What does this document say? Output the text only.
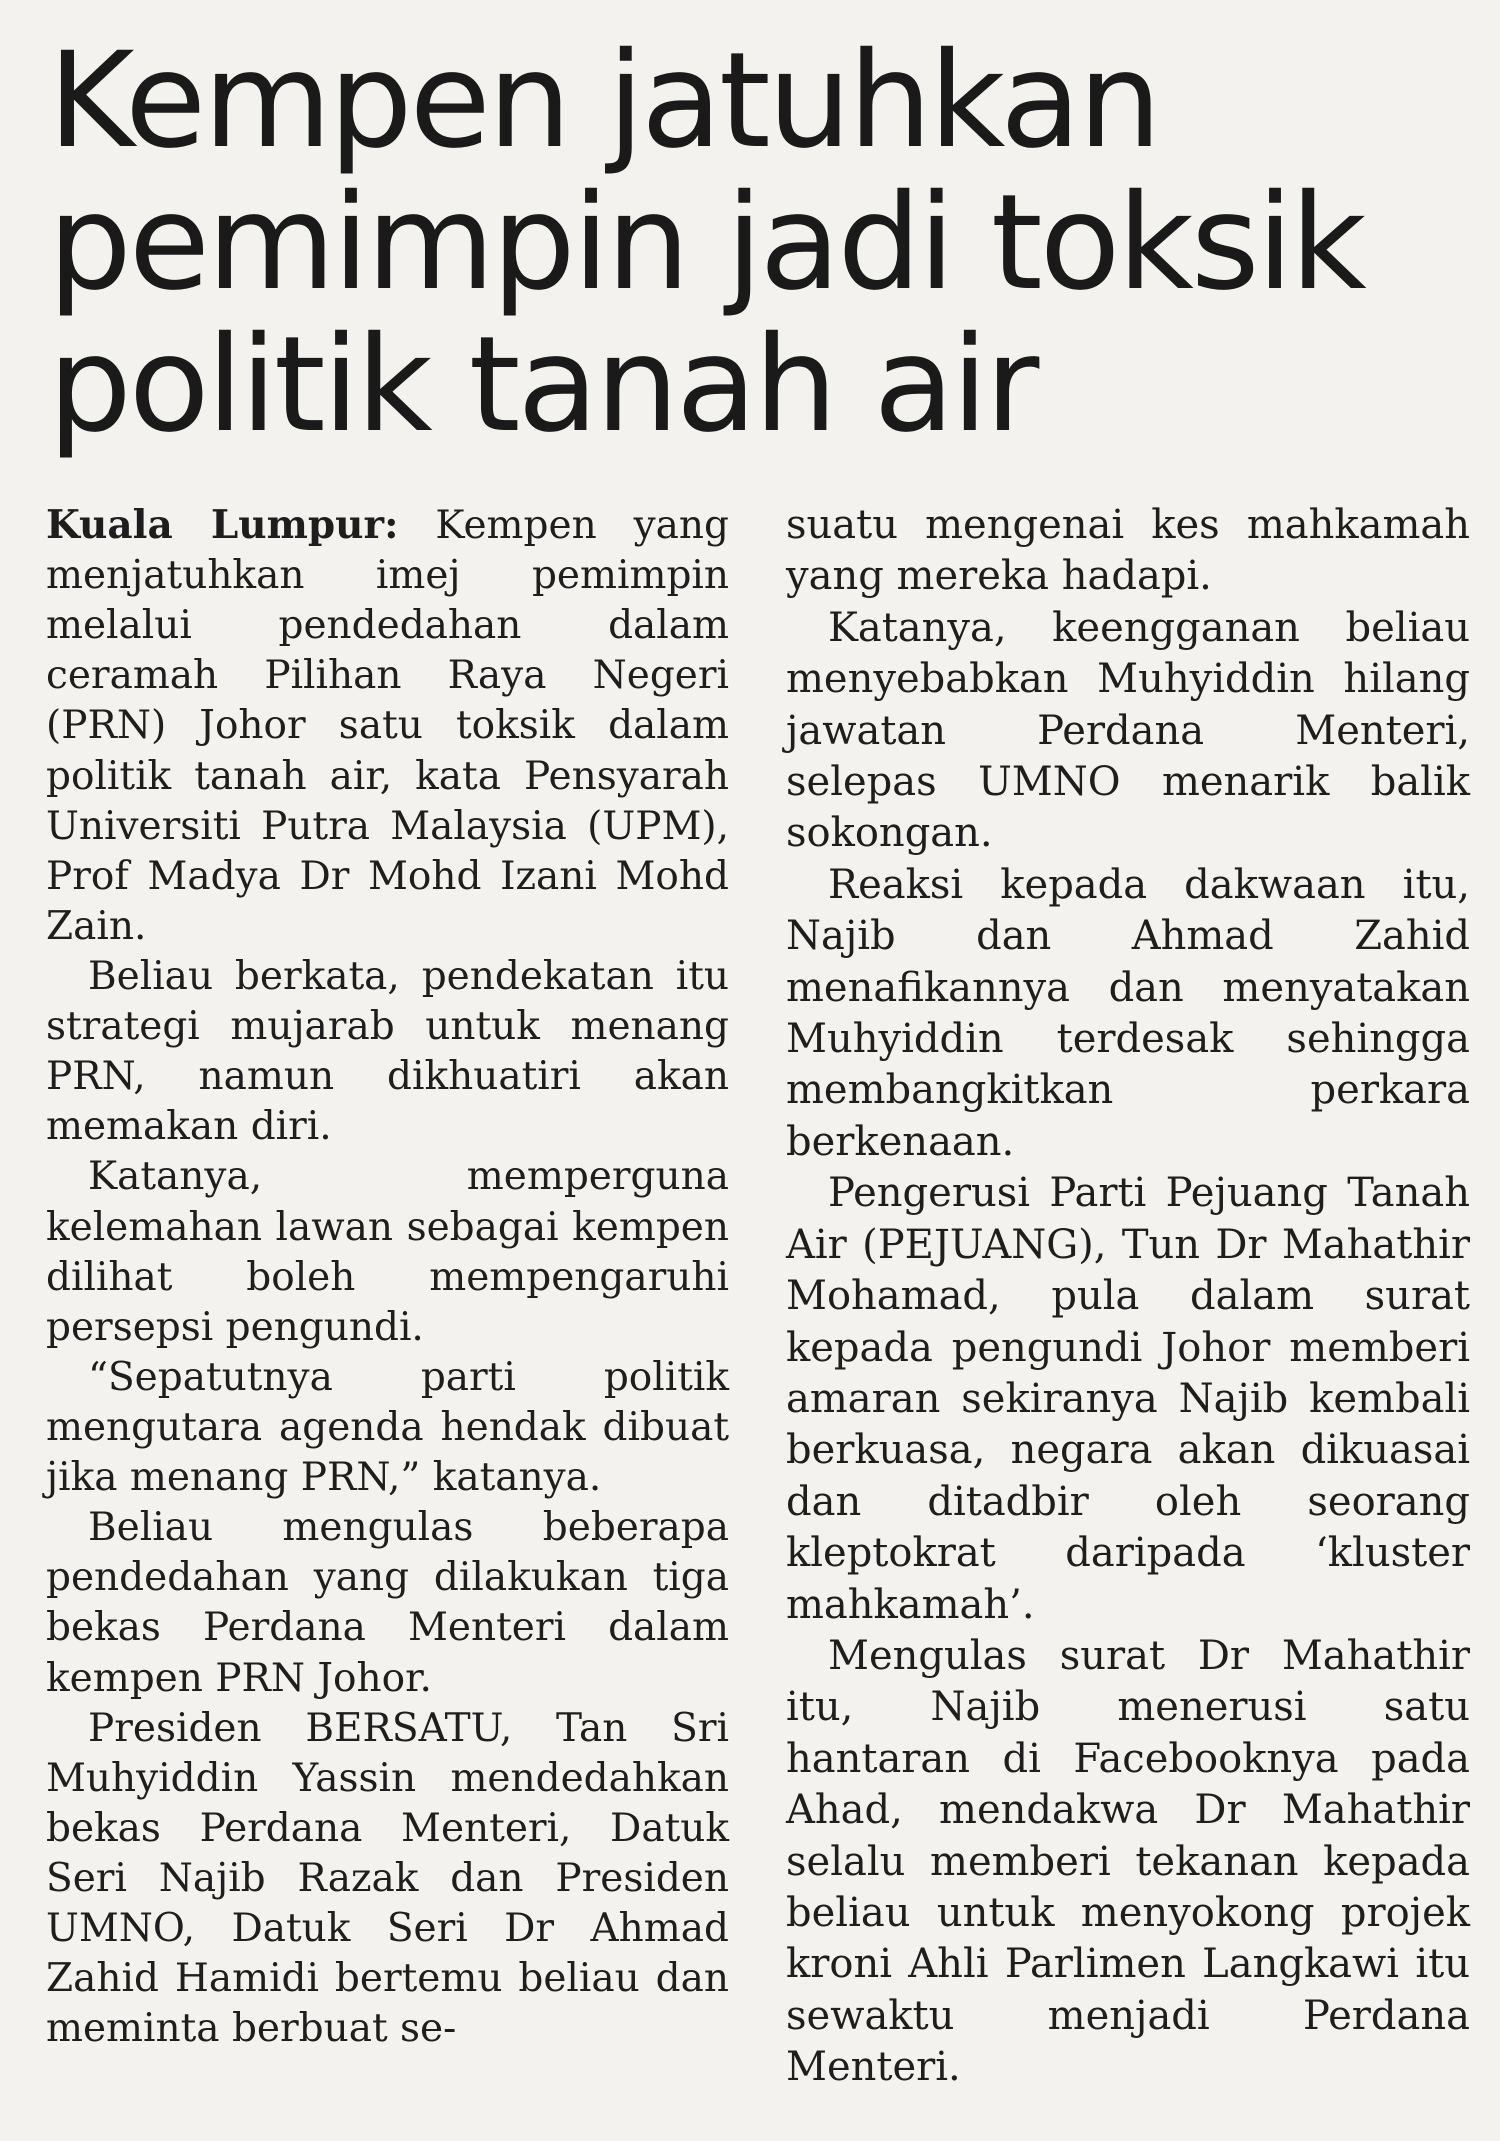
Kempen jatuhkan
pemimpin jadi toksik
politik tanah air

Kuala Lumpur: Kempen yang menjatuhkan imej pemimpin melalui pendedahan dalam ceramah Pilihan Raya Negeri (PRN) Johor satu toksik dalam politik tanah air, kata Pensyarah Universiti Putra Malaysia (UPM), Prof Madya Dr Mohd Izani Mohd Zain.

Beliau berkata, pendekatan itu strategi mujarab untuk menang PRN, namun dikhuatiri akan memakan diri.

Katanya, memperguna kelemahan lawan sebagai kempen dilihat boleh mempengaruhi persepsi pengundi.

“Sepatutnya parti politik mengutara agenda hendak dibuat jika menang PRN,” katanya.

Beliau mengulas beberapa pendedahan yang dilakukan tiga bekas Perdana Menteri dalam kempen PRN Johor.

Presiden BERSATU, Tan Sri Muhyiddin Yassin mendedahkan bekas Perdana Menteri, Datuk Seri Najib Razak dan Presiden UMNO, Datuk Seri Dr Ahmad Zahid Hamidi bertemu beliau dan meminta berbuat se-

suatu mengenai kes mahkamah yang mereka hadapi.

Katanya, keengganan beliau menyebabkan Muhyiddin hilang jawatan Perdana Menteri, selepas UMNO menarik balik sokongan.

Reaksi kepada dakwaan itu, Najib dan Ahmad Zahid menafikannya dan menyatakan Muhyiddin terdesak sehingga membangkitkan perkara berkenaan.

Pengerusi Parti Pejuang Tanah Air (PEJUANG), Tun Dr Mahathir Mohamad, pula dalam surat kepada pengundi Johor memberi amaran sekiranya Najib kembali berkuasa, negara akan dikuasai dan ditadbir oleh seorang kleptokrat daripada ‘kluster mahkamah’.

Mengulas surat Dr Mahathir itu, Najib menerusi satu hantaran di Facebooknya pada Ahad, mendakwa Dr Mahathir selalu memberi tekanan kepada beliau untuk menyokong projek kroni Ahli Parlimen Langkawi itu sewaktu menjadi Perdana Menteri.
